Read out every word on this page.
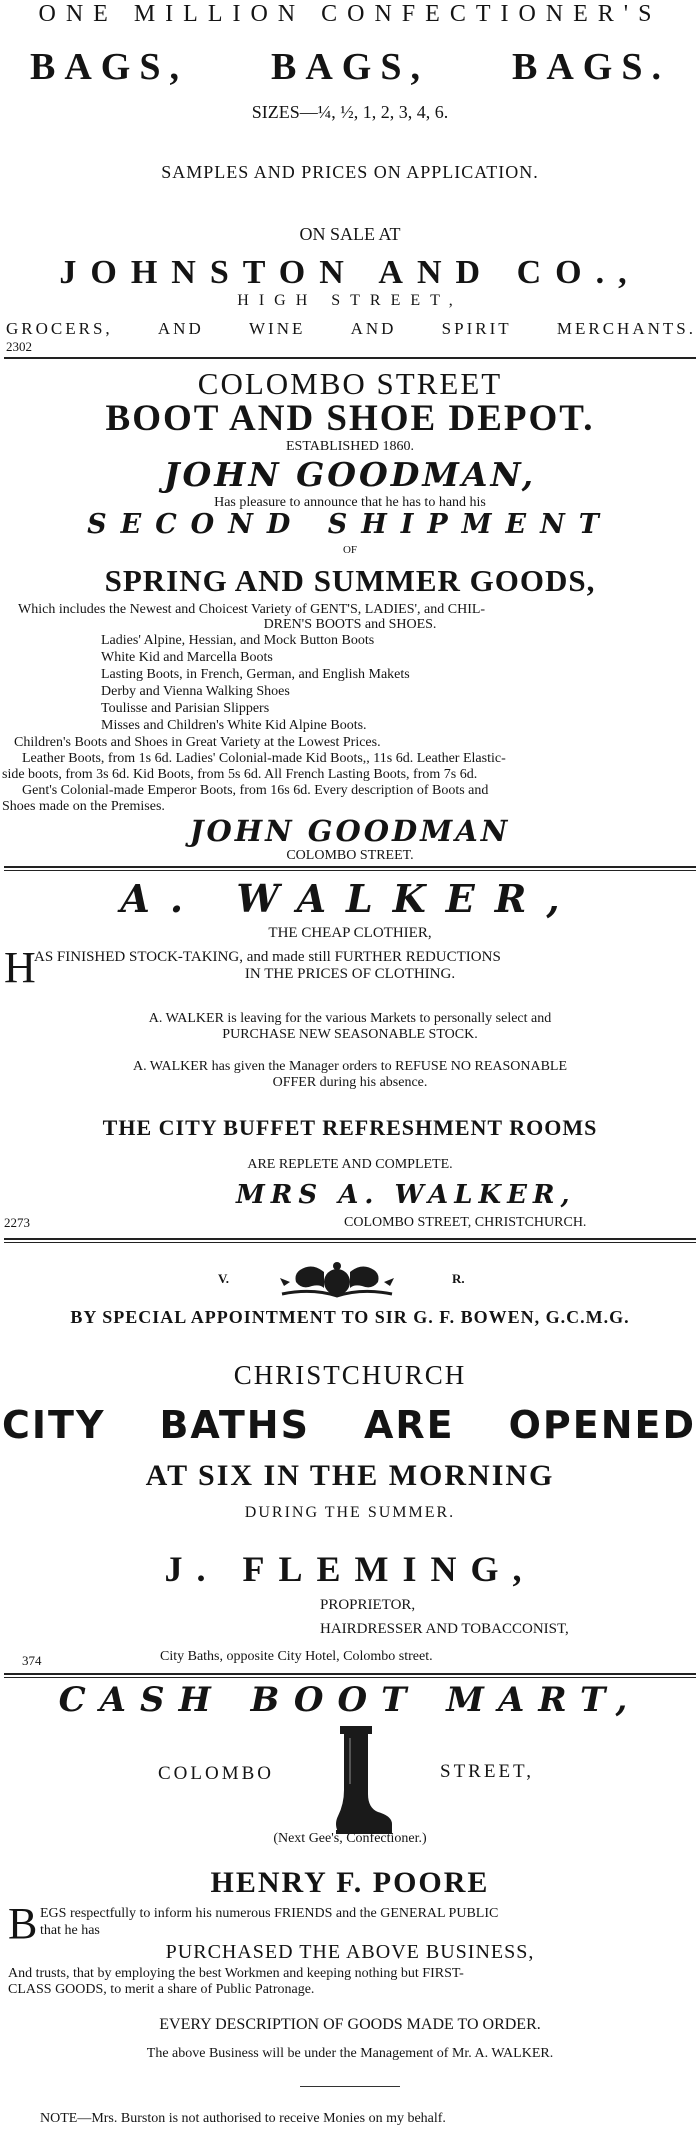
ONE MILLION CONFECTIONER'S
BAGS, BAGS, BAGS.
SIZES—¼, ½, 1, 2, 3, 4, 6.
SAMPLES AND PRICES ON APPLICATION.
ON SALE AT
JOHNSTON AND CO.,
HIGH STREET,
GROCERS,	AND	WINE	AND	SPIRIT	MERCHANTS.
2302
COLOMBO STREET
BOOT AND SHOE DEPOT.
ESTABLISHED 1860.
JOHN GOODMAN,
Has pleasure to announce that he has to hand his
SECOND SHIPMENT
OF
SPRING AND SUMMER GOODS,
Which includes the Newest and Choicest Variety of GENT'S, LADIES', and CHIL-
DREN'S BOOTS and SHOES.
Ladies' Alpine, Hessian, and Mock Button Boots
White Kid and Marcella Boots
Lasting Boots, in French, German, and English Makets
Derby and Vienna Walking Shoes
Toulisse and Parisian Slippers
Misses and Children's White Kid Alpine Boots.
Children's Boots and Shoes in Great Variety at the Lowest Prices.
Leather Boots, from 1s 6d. Ladies' Colonial-made Kid Boots,, 11s 6d. Leather Elastic-
side boots, from 3s 6d. Kid Boots, from 5s 6d. All French Lasting Boots, from 7s 6d.
Gent's Colonial-made Emperor Boots, from 16s 6d. Every description of Boots and
Shoes made on the Premises.
JOHN GOODMAN
COLOMBO STREET.
A. WALKER,
THE CHEAP CLOTHIER,
H
AS FINISHED STOCK-TAKING, and made still FURTHER REDUCTIONS
IN THE PRICES OF CLOTHING.
A. WALKER is leaving for the various Markets to personally select and
PURCHASE NEW SEASONABLE STOCK.
A. WALKER has given the Manager orders to REFUSE NO REASONABLE
OFFER during his absence.
THE CITY BUFFET REFRESHMENT ROOMS
ARE REPLETE AND COMPLETE.
MRS A. WALKER,
2273	COLOMBO STREET, CHRISTCHURCH.
V.	R.
BY SPECIAL APPOINTMENT TO SIR G. F. BOWEN, G.C.M.G.
CHRISTCHURCH
CITY BATHS ARE OPENED
AT SIX IN THE MORNING
DURING THE SUMMER.
J. FLEMING,
PROPRIETOR,
HAIRDRESSER AND TOBACCONIST,
374	City Baths, opposite City Hotel, Colombo street.
CASH BOOT MART,
COLOMBO	STREET,
(Next Gee's, Confectioner.)
HENRY F. POORE
B EGS respectfully to inform his numerous FRIENDS and the GENERAL PUBLIC
that he has
PURCHASED THE ABOVE BUSINESS,
And trusts, that by employing the best Workmen and keeping nothing but FIRST-
CLASS GOODS, to merit a share of Public Patronage.
EVERY DESCRIPTION OF GOODS MADE TO ORDER.
The above Business will be under the Management of Mr. A. WALKER.
NOTE—Mrs. Burston is not authorised to receive Monies on my behalf.
